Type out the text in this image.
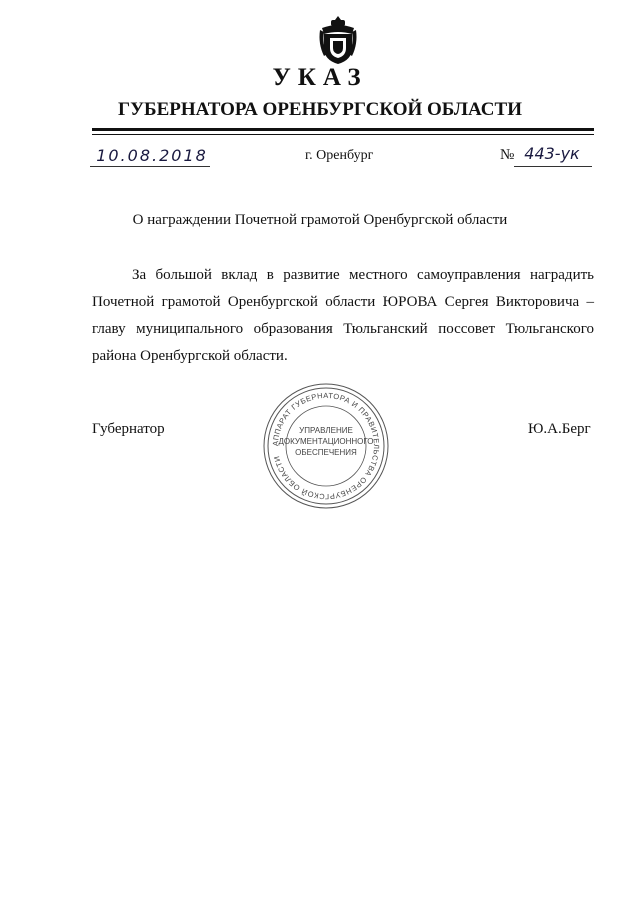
УКАЗ
ГУБЕРНАТОРА ОРЕНБУРГСКОЙ ОБЛАСТИ
10.08.2018	г. Оренбург	№ 443-ук
О награждении Почетной грамотой Оренбургской области

За большой вклад в развитие местного самоуправления наградить Почетной грамотой Оренбургской области ЮРОВА Сергея Викторовича – главу муниципального образования Тюльганский поссовет Тюльганского района Оренбургской области.

Губернатор	Ю.А.Берг
АППАРАТ ГУБЕРНАТОРА И ПРАВИТЕЛЬСТВА ОРЕНБУРГСКОЙ ОБЛАСТИ
УПРАВЛЕНИЕ
ДОКУМЕНТАЦИОННОГО
ОБЕСПЕЧЕНИЯ
